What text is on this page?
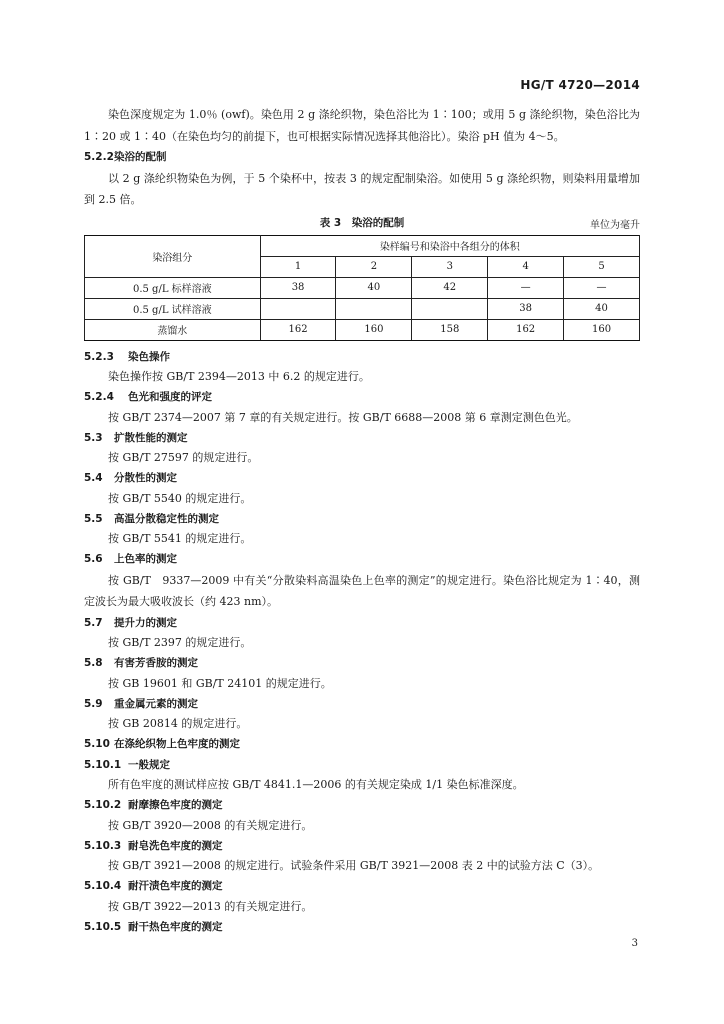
HG/T 4720—2014

染色深度规定为 1.0％ (owf)。染色用 2 g 涤纶织物，染色浴比为 1∶100；或用 5 g 涤纶织物，染色浴比为 1∶20 或 1∶40（在染色均匀的前提下，也可根据实际情况选择其他浴比）。染浴 pH 值为 4～5。

5.2.2染浴的配制

以 2 g 涤纶织物染色为例，于 5 个染杯中，按表 3 的规定配制染浴。如使用 5 g 涤纶织物，则染料用量增加到 2.5 倍。

表 3　染浴的配制	单位为毫升
染浴组分	染样编号和染浴中各组分的体积				
	1	2	3	4	5
0.5 g/L 标样溶液	38	40	42	—	—
0.5 g/L 试样溶液				38	40
蒸馏水	162	160	158	162	160
5.2.3 染色操作

染色操作按 GB/T 2394—2013 中 6.2 的规定进行。

5.2.4 色光和强度的评定

按 GB/T 2374—2007 第 7 章的有关规定进行。按 GB/T 6688—2008 第 6 章测定测色色光。

5.3 扩散性能的测定

按 GB/T 27597 的规定进行。

5.4 分散性的测定

按 GB/T 5540 的规定进行。

5.5 高温分散稳定性的测定

按 GB/T 5541 的规定进行。

5.6 上色率的测定

按 GB/T　9337—2009 中有关“分散染料高温染色上色率的测定”的规定进行。染色浴比规定为 1∶40，测定波长为最大吸收波长（约 423 nm）。

5.7 提升力的测定

按 GB/T 2397 的规定进行。

5.8 有害芳香胺的测定

按 GB 19601 和 GB/T 24101 的规定进行。

5.9 重金属元素的测定

按 GB 20814 的规定进行。

5.10 在涤纶织物上色牢度的测定
5.10.1 一般规定

所有色牢度的测试样应按 GB/T 4841.1—2006 的有关规定染成 1/1 染色标准深度。

5.10.2 耐摩擦色牢度的测定

按 GB/T 3920—2008 的有关规定进行。

5.10.3 耐皂洗色牢度的测定

按 GB/T 3921—2008 的规定进行。试验条件采用 GB/T 3921—2008 表 2 中的试验方法 C（3）。

5.10.4 耐汗渍色牢度的测定

按 GB/T 3922—2013 的有关规定进行。

5.10.5 耐干热色牢度的测定
3
